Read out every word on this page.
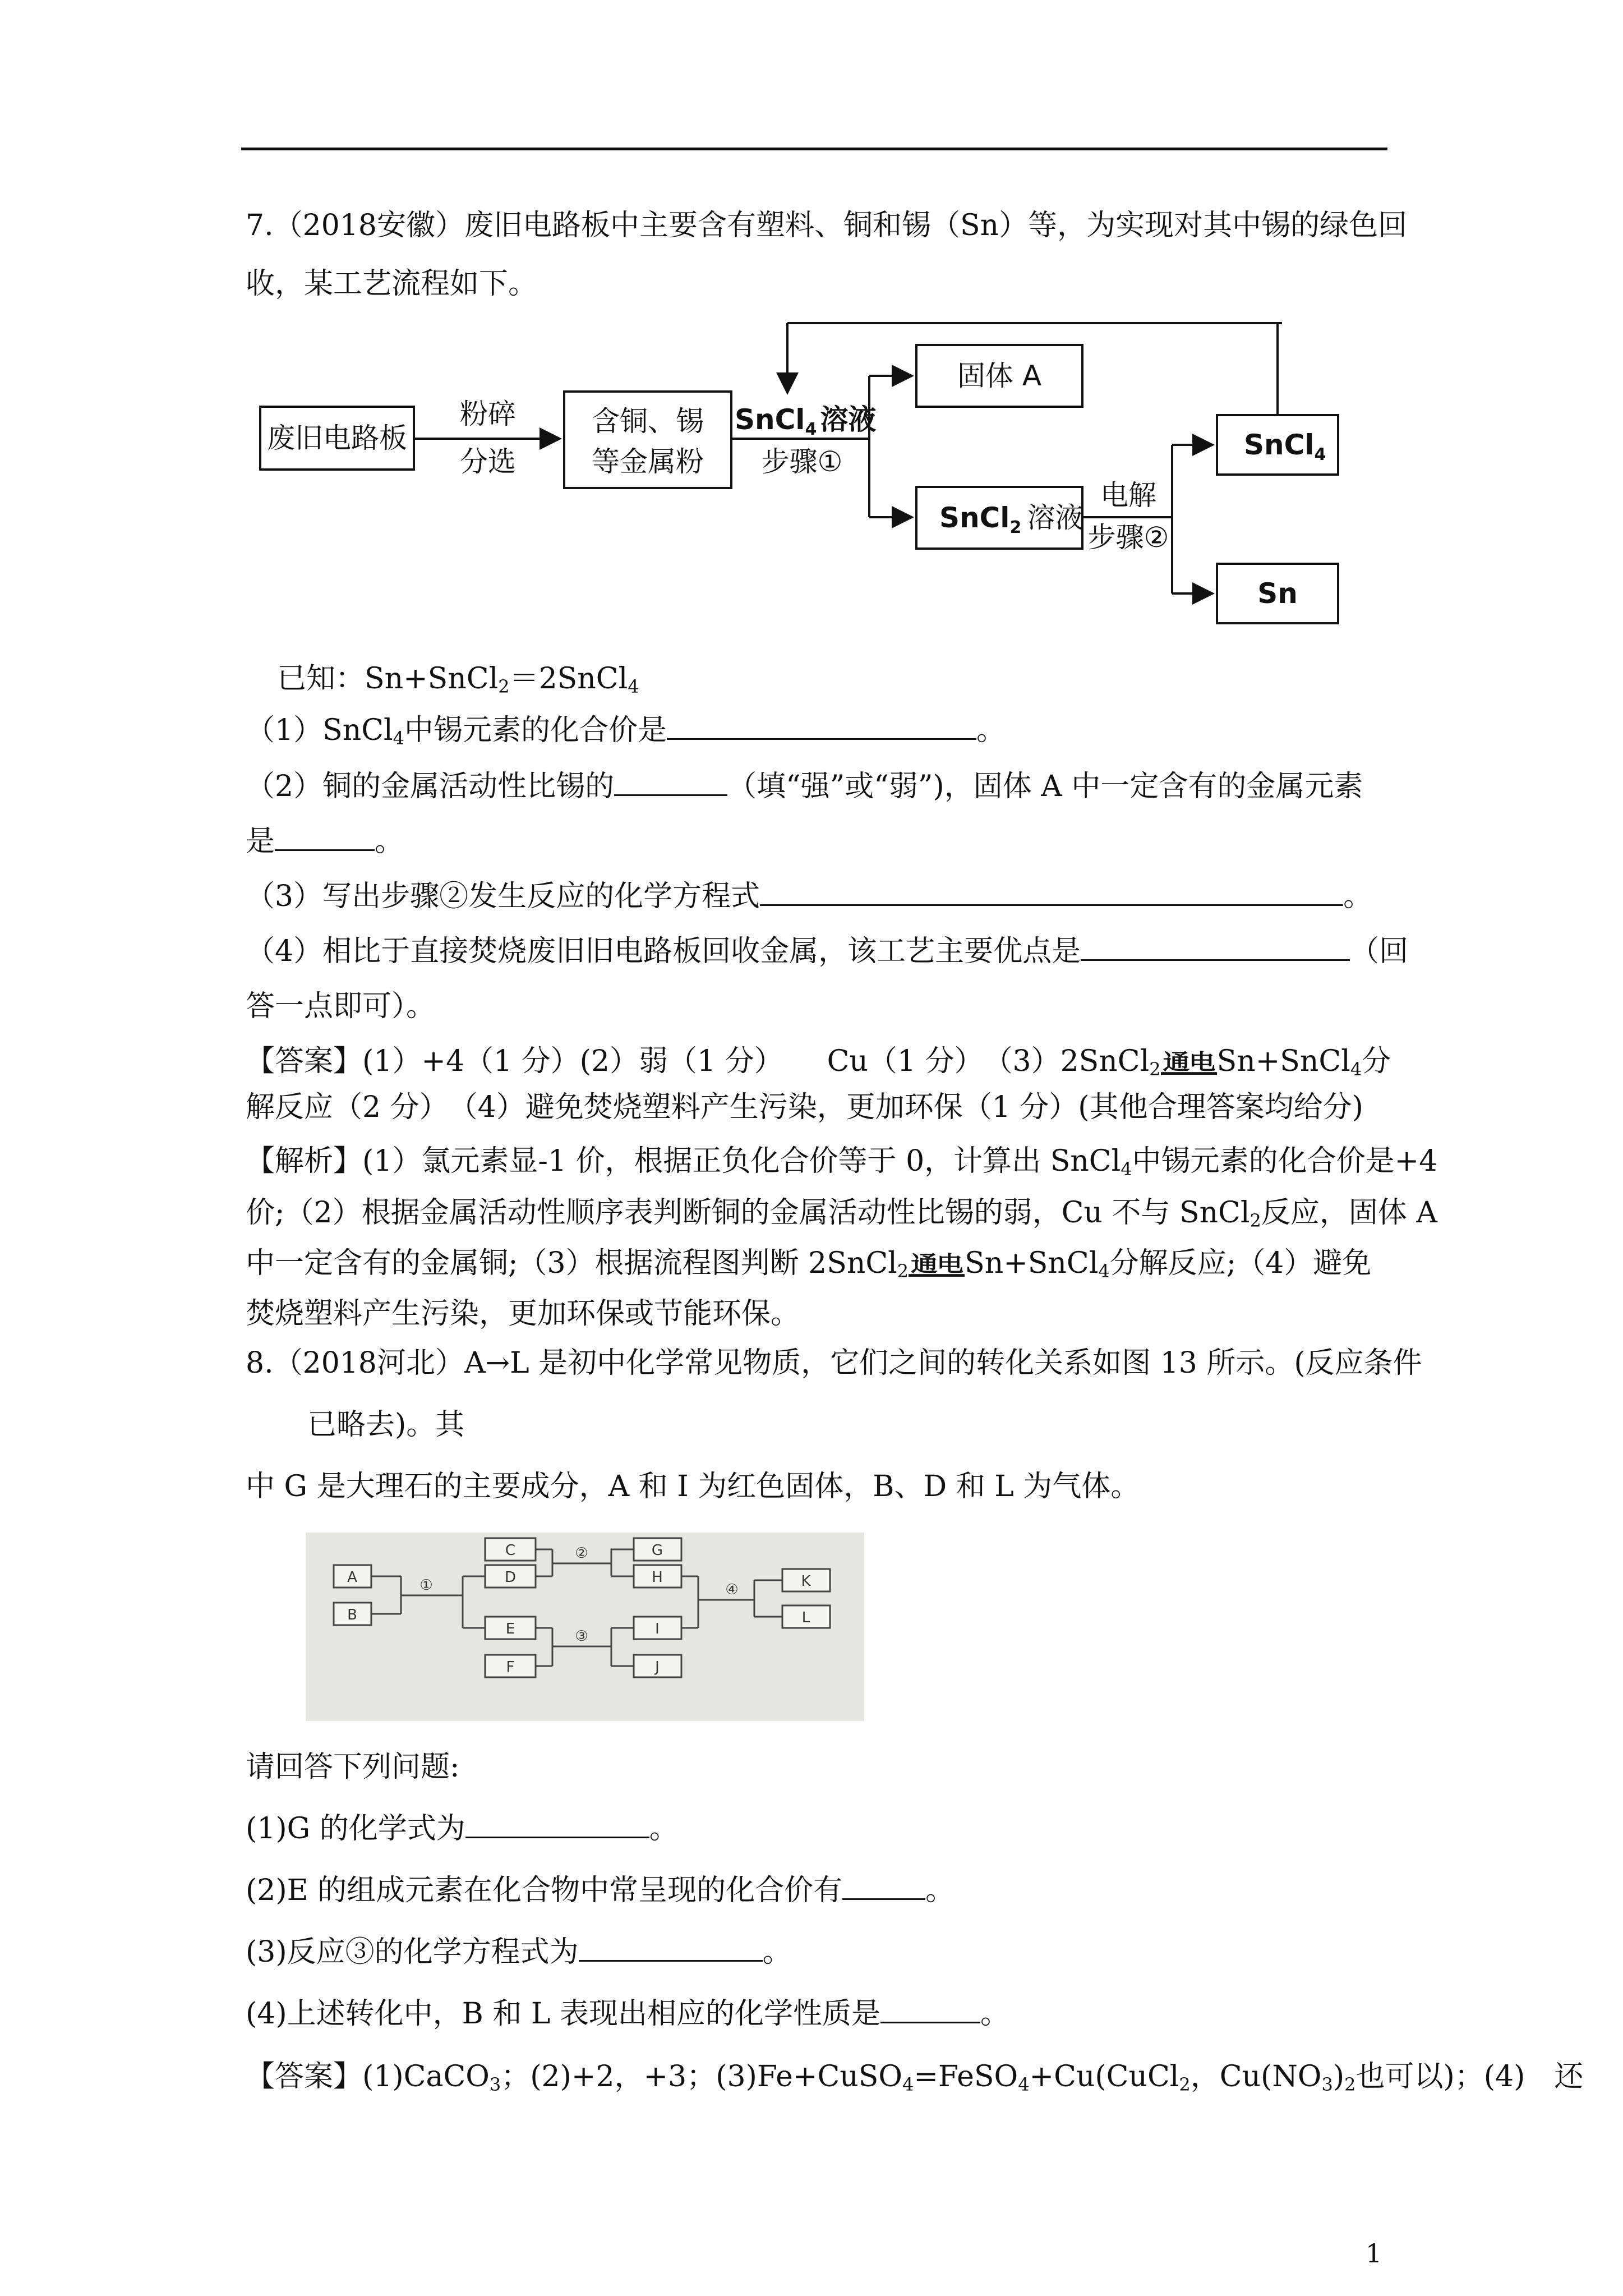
7.（2018安徽）废旧电路板中主要含有塑料、铜和锡（Sn）等，为实现对其中锡的绿色回
收，某工艺流程如下。
废旧电路板
粉碎
分选
含铜、锡
等金属粉
SnCl$_4$ 溶液
步骤①
固体 A
SnCl$_2$ 溶液
电解
步骤②
SnCl$_4$
Sn
已知：Sn+SnCl$_2$＝2SnCl$_4$
（1）SnCl$_4$中锡元素的化合价是	。
（2）铜的金属活动性比锡的	（填“强”或“弱”)，固体 A 中一定含有的金属元素
是	。
（3）写出步骤②发生反应的化学方程式	。
（4）相比于直接焚烧废旧旧电路板回收金属，该工艺主要优点是	（回
答一点即可）。
【答案】(1）+4（1 分）(2）弱（1 分）　　Cu（1 分）　（3）2SnCl$_2$通电Sn+SnCl$_4$分
解反应（2 分）　（4）避免焚烧塑料产生污染，更加环保（1 分）(其他合理答案均给分)
【解析】(1）氯元素显-1 价，根据正负化合价等于 0，计算出 SnCl$_4$中锡元素的化合价是+4
价;（2）根据金属活动性顺序表判断铜的金属活动性比锡的弱，Cu 不与 SnCl$_2$反应，固体 A
中一定含有的金属铜;（3）根据流程图判断 2SnCl$_2$通电Sn+SnCl$_4$分解反应;（4）避免
焚烧塑料产生污染，更加环保或节能环保。
8.（2018河北）A→L 是初中化学常见物质，它们之间的转化关系如图 13 所示。(反应条件
已略去)。其
中 G 是大理石的主要成分，A 和 I 为红色固体，B、D 和 L 为气体。
A
B
C
D
E
F
G
H
I
J
K
L
①
②
③
④
请回答下列问题:
(1)G 的化学式为	。
(2)E 的组成元素在化合物中常呈现的化合价有	。
(3)反应③的化学方程式为	。
(4)上述转化中，B 和 L 表现出相应的化学性质是	。
【答案】(1)CaCO$_3$；(2)+2，+3；(3)Fe+CuSO$_4$=FeSO$_4$+Cu(CuCl$_2$，$Cu(NO_3)_2$也可以)；(4)　还
1
